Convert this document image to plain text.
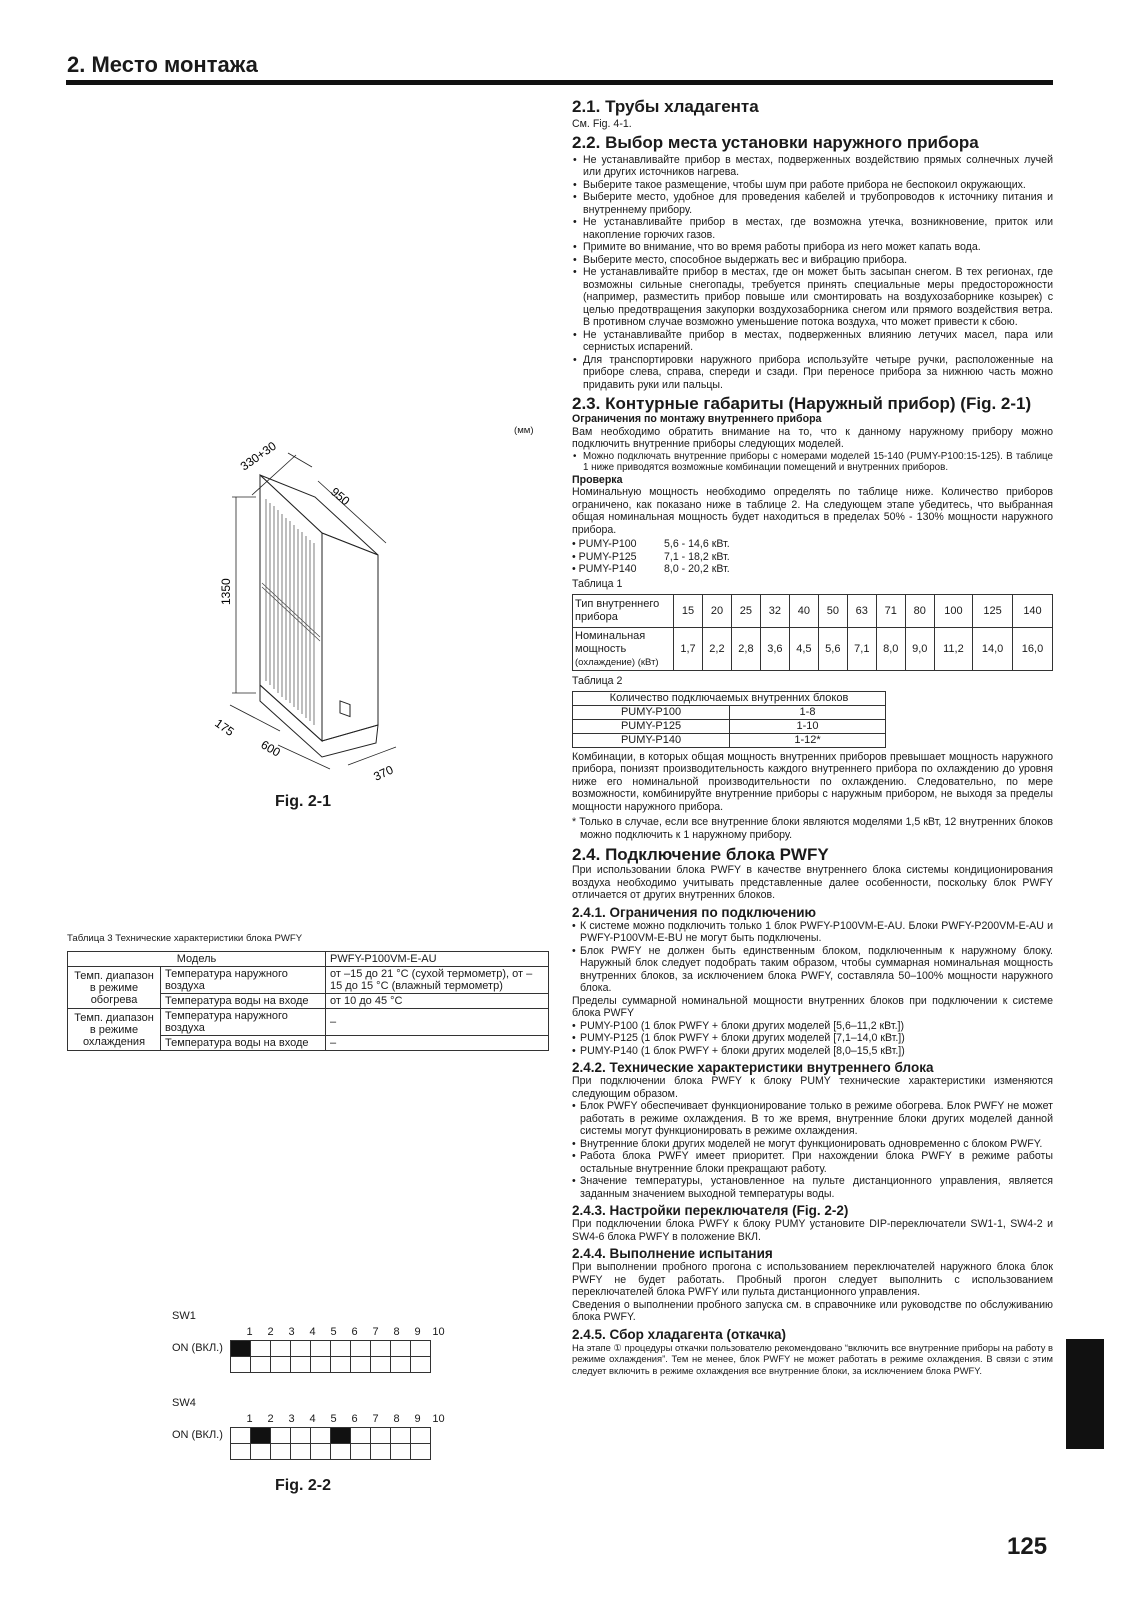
2. Место монтажа
(мм)
330+30
950
1350
175
600
370
Fig. 2-1
Таблица 3 Технические характеристики блока PWFY
Модель		PWFY-P100VM-E-AU
Темп. диапазон в режиме обогрева	Температура наружного воздуха	от –15 до 21 °C (сухой термометр), от –15 до 15 °C (влажный термометр)
	Температура воды на входе	от 10 до 45 °C
Темп. диапазон в режиме охлаждения	Температура наружного воздуха	–
	Температура воды на входе	–
SW1
1	2	3	4	5	6	7	8	9	10
ON (ВКЛ.)

SW4
1	2	3	4	5	6	7	8	9	10
ON (ВКЛ.)

Fig. 2-2
2.1. Трубы хладагента
См. Fig. 4-1.
2.2. Выбор места установки наружного прибора
• Не устанавливайте прибор в местах, подверженных воздействию прямых солнечных лучей или других источников нагрева.
• Выберите такое размещение, чтобы шум при работе прибора не беспокоил окружающих.
• Выберите место, удобное для проведения кабелей и трубопроводов к источнику питания и внутреннему прибору.
• Не устанавливайте прибор в местах, где возможна утечка, возникновение, приток или накопление горючих газов.
• Примите во внимание, что во время работы прибора из него может капать вода.
• Выберите место, способное выдержать вес и вибрацию прибора.
• Не устанавливайте прибор в местах, где он может быть засыпан снегом. В тех регионах, где возможны сильные снегопады, требуется принять специальные меры предосторожности (например, разместить прибор повыше или смонтировать на воздухозаборнике козырек) с целью предотвращения закупорки воздухозаборника снегом или прямого воздействия ветра. В противном случае возможно уменьшение потока воздуха, что может привести к сбою.
• Не устанавливайте прибор в местах, подверженных влиянию летучих масел, пара или сернистых испарений.
• Для транспортировки наружного прибора используйте четыре ручки, расположенные на приборе слева, справа, спереди и сзади. При переносе прибора за нижнюю часть можно придавить руки или пальцы.
2.3. Контурные габариты (Наружный прибор) (Fig. 2-1)
Ограничения по монтажу внутреннего прибора
Вам необходимо обратить внимание на то, что к данному наружному прибору можно подключить внутренние приборы следующих моделей.
• Можно подключать внутренние приборы с номерами моделей 15-140 (PUMY-P100:15-125). В таблице 1 ниже приводятся возможные комбинации помещений и внутренних приборов.
Проверка
Номинальную мощность необходимо определять по таблице ниже. Количество приборов ограничено, как показано ниже в таблице 2. На следующем этапе убедитесь, что выбранная общая номинальная мощность будет находиться в пределах 50% - 130% мощности наружного прибора.
• PUMY-P100	5,6 - 14,6 кВт.
• PUMY-P125	7,1 - 18,2 кВт.
• PUMY-P140	8,0 - 20,2 кВт.
Таблица 1
Тип внутреннего прибора	15	20	25	32	40	50	63	71	80	100	125	140
Номинальная мощность
(охлаждение) (кВт)	1,7	2,2	2,8	3,6	4,5	5,6	7,1	8,0	9,0	11,2	14,0	16,0
Таблица 2
Количество подключаемых внутренних блоков	
PUMY-P100	1-8
PUMY-P125	1-10
PUMY-P140	1-12*
Комбинации, в которых общая мощность внутренних приборов превышает мощность наружного прибора, понизят производительность каждого внутреннего прибора по охлаждению до уровня ниже его номинальной производительности по охлаждению. Следовательно, по мере возможности, комбинируйте внутренние приборы с наружным прибором, не выходя за пределы мощности наружного прибора.
* Только в случае, если все внутренние блоки являются моделями 1,5 кВт, 12 внутренних блоков можно подключить к 1 наружному прибору.
2.4. Подключение блока PWFY
При использовании блока PWFY в качестве внутреннего блока системы кондиционирования воздуха необходимо учитывать представленные далее особенности, поскольку блок PWFY отличается от других внутренних блоков.
2.4.1. Ограничения по подключению
• К системе можно подключить только 1 блок PWFY-P100VM-E-AU. Блоки PWFY-P200VM-E-AU и PWFY-P100VM-E-BU не могут быть подключены.
• Блок PWFY не должен быть единственным блоком, подключенным к наружному блоку. Наружный блок следует подобрать таким образом, чтобы суммарная номинальная мощность внутренних блоков, за исключением блока PWFY, составляла 50–100% мощности наружного блока.
Пределы суммарной номинальной мощности внутренних блоков при подключении к системе блока PWFY
• PUMY-P100 (1 блок PWFY + блоки других моделей [5,6–11,2 кВт.])
• PUMY-P125 (1 блок PWFY + блоки других моделей [7,1–14,0 кВт.])
• PUMY-P140 (1 блок PWFY + блоки других моделей [8,0–15,5 кВт.])
2.4.2. Технические характеристики внутреннего блока
При подключении блока PWFY к блоку PUMY технические характеристики изменяются следующим образом.
• Блок PWFY обеспечивает функционирование только в режиме обогрева. Блок PWFY не может работать в режиме охлаждения. В то же время, внутренние блоки других моделей данной системы могут функционировать в режиме охлаждения.
• Внутренние блоки других моделей не могут функционировать одновременно с блоком PWFY.
• Работа блока PWFY имеет приоритет. При нахождении блока PWFY в режиме работы остальные внутренние блоки прекращают работу.
• Значение температуры, установленное на пульте дистанционного управления, является заданным значением выходной температуры воды.
2.4.3. Настройки переключателя (Fig. 2-2)
При подключении блока PWFY к блоку PUMY установите DIP-переключатели SW1-1, SW4-2 и SW4-6 блока PWFY в положение ВКЛ.
2.4.4. Выполнение испытания
При выполнении пробного прогона с использованием переключателей наружного блока блок PWFY не будет работать. Пробный прогон следует выполнить с использованием переключателей блока PWFY или пульта дистанционного управления.
Сведения о выполнении пробного запуска см. в справочнике или руководстве по обслуживанию блока PWFY.
2.4.5. Сбор хладагента (откачка)
На этапе ① процедуры откачки пользователю рекомендовано “включить все внутренние приборы на работу в режиме охлаждения”. Тем не менее, блок PWFY не может работать в режиме охлаждения. В связи с этим следует включить в режиме охлаждения все внутренние блоки, за исключением блока PWFY.
125
